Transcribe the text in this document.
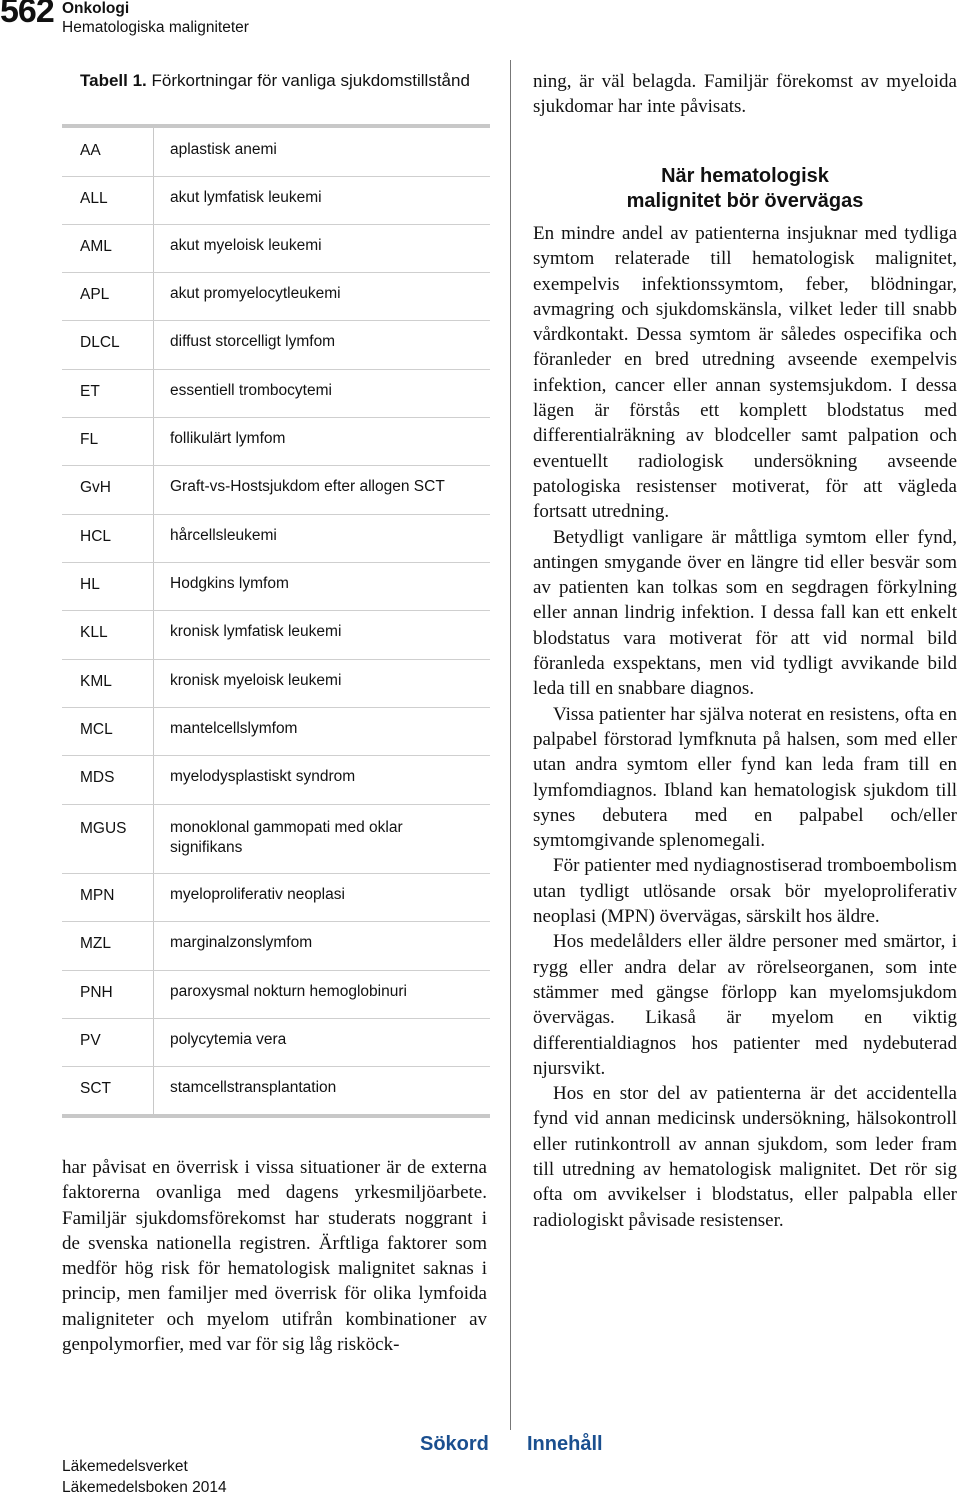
562 Onkologi
Hematologiska maligniteter
Tabell 1. Förkortningar för vanliga sjukdomstillstånd
AA	aplastisk anemi
ALL	akut lymfatisk leukemi
AML	akut myeloisk leukemi
APL	akut promyelocytleukemi
DLCL	diffust storcelligt lymfom
ET	essentiell trombocytemi
FL	follikulärt lymfom
GvH	Graft-vs-Hostsjukdom efter allogen SCT
HCL	hårcellsleukemi
HL	Hodgkins lymfom
KLL	kronisk lymfatisk leukemi
KML	kronisk myeloisk leukemi
MCL	mantelcellslymfom
MDS	myelodysplastiskt syndrom
MGUS	monoklonal gammopati med oklar signifikans
MPN	myeloproliferativ neoplasi
MZL	marginalzonslymfom
PNH	paroxysmal nokturn hemoglobinuri
PV	polycytemia vera
SCT	stamcellstransplantation

har påvisat en överrisk i vissa situationer är de externa faktorerna ovanliga med dagens yrkesmiljöarbete. Familjär sjukdomsförekomst har studerats noggrant i de svenska nationella registren. Ärftliga faktorer som medför hög risk för hematologisk malignitet saknas i princip, men familjer med överrisk för olika lymfoida maligniteter och myelom utifrån kombinationer av genpolymorfier, med var för sig låg risköck-

ning, är väl belagda. Familjär förekomst av myeloida sjukdomar har inte påvisats.

När hematologisk
malignitet bör övervägas

En mindre andel av patienterna insjuknar med tydliga symtom relaterade till hematologisk malignitet, exempelvis infektionssymtom, feber, blödningar, avmagring och sjukdomskänsla, vilket leder till snabb vårdkontakt. Dessa symtom är således ospecifika och föranleder en bred utredning avseende exempelvis infektion, cancer eller annan systemsjukdom. I dessa lägen är förstås ett komplett blodstatus med differentialräkning av blodceller samt palpation och eventuellt radiologisk undersökning avseende patologiska resistenser motiverat, för att vägleda fortsatt utredning.

Betydligt vanligare är måttliga symtom eller fynd, antingen smygande över en längre tid eller besvär som av patienten kan tolkas som en segdragen förkylning eller annan lindrig infektion. I dessa fall kan ett enkelt blodstatus vara motiverat för att vid normal bild föranleda exspektans, men vid tydligt avvikande bild leda till en snabbare diagnos.

Vissa patienter har själva noterat en resistens, ofta en palpabel förstorad lymfknuta på halsen, som med eller utan andra symtom eller fynd kan leda fram till en lymfomdiagnos. Ibland kan hematologisk sjukdom till synes debutera med en palpabel och/eller symtomgivande splenomegali.

För patienter med nydiagnostiserad tromboembolism utan tydligt utlösande orsak bör myeloproliferativ neoplasi (MPN) övervägas, särskilt hos äldre.

Hos medelålders eller äldre personer med smärtor, i rygg eller andra delar av rörelseorganen, som inte stämmer med gängse förlopp kan myelomsjukdom övervägas. Likaså är myelom en viktig differentialdiagnos hos patienter med nydebuterad njursvikt.

Hos en stor del av patienterna är det accidentella fynd vid annan medicinsk undersökning, hälsokontroll eller rutinkontroll av annan sjukdom, som leder fram till utredning av hematologisk malignitet. Det rör sig ofta om avvikelser i blodstatus, eller palpabla eller radiologiskt påvisade resistenser.

Sökord Innehåll
Läkemedelsverket
Läkemedelsboken 2014
